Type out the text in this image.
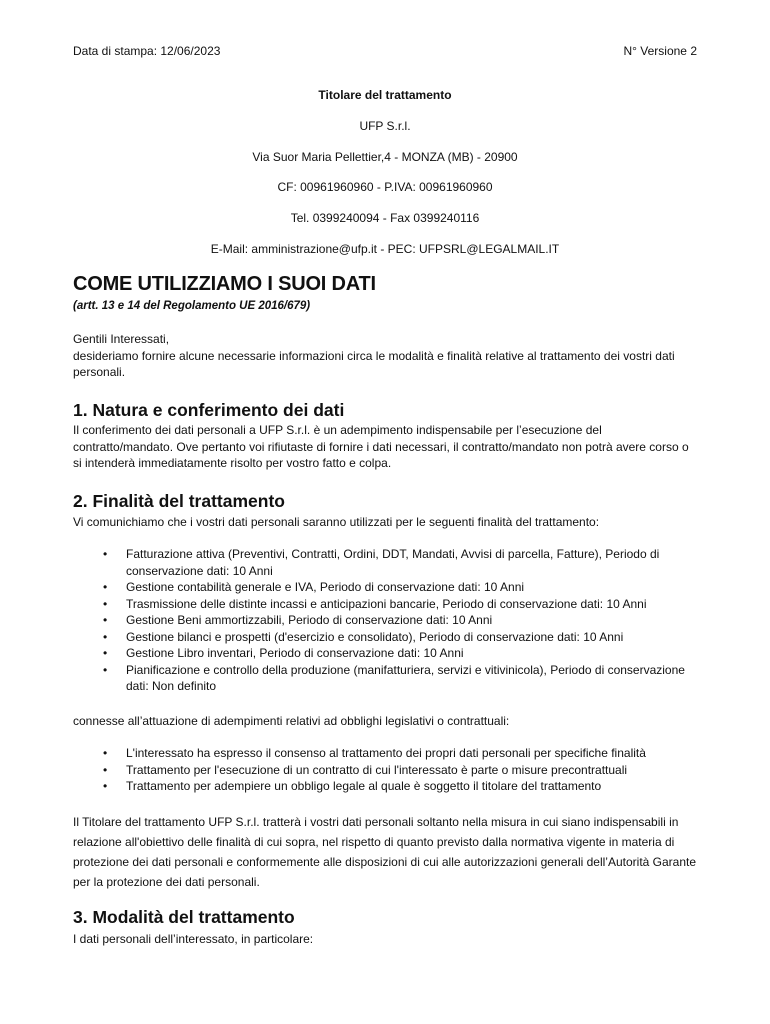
Data di stampa: 12/06/2023	N° Versione 2
Titolare del trattamento
UFP S.r.l.
Via Suor Maria Pellettier,4 - MONZA (MB) - 20900
CF: 00961960960 - P.IVA: 00961960960
Tel. 0399240094 - Fax 0399240116
E-Mail: amministrazione@ufp.it - PEC: UFPSRL@LEGALMAIL.IT
COME UTILIZZIAMO I SUOI DATI
(artt. 13 e 14 del Regolamento UE 2016/679)
Gentili Interessati,
desideriamo fornire alcune necessarie informazioni circa le modalità e finalità relative al trattamento dei vostri dati personali.
1. Natura e conferimento dei dati
Il conferimento dei dati personali a UFP S.r.l. è un adempimento indispensabile per l’esecuzione del contratto/mandato. Ove pertanto voi rifiutaste di fornire i dati necessari, il contratto/mandato non potrà avere corso o si intenderà immediatamente risolto per vostro fatto e colpa.
2. Finalità del trattamento
Vi comunichiamo che i vostri dati personali saranno utilizzati per le seguenti finalità del trattamento:
• Fatturazione attiva (Preventivi, Contratti, Ordini, DDT, Mandati, Avvisi di parcella, Fatture), Periodo di conservazione dati: 10 Anni
• Gestione contabilità generale e IVA, Periodo di conservazione dati: 10 Anni
• Trasmissione delle distinte incassi e anticipazioni bancarie, Periodo di conservazione dati: 10 Anni
• Gestione Beni ammortizzabili, Periodo di conservazione dati: 10 Anni
• Gestione bilanci e prospetti (d'esercizio e consolidato), Periodo di conservazione dati: 10 Anni
• Gestione Libro inventari, Periodo di conservazione dati: 10 Anni
• Pianificazione e controllo della produzione (manifatturiera, servizi e vitivinicola), Periodo di conservazione dati: Non definito
connesse all’attuazione di adempimenti relativi ad obblighi legislativi o contrattuali:
• L'interessato ha espresso il consenso al trattamento dei propri dati personali per specifiche finalità
• Trattamento per l'esecuzione di un contratto di cui l'interessato è parte o misure precontrattuali
• Trattamento per adempiere un obbligo legale al quale è soggetto il titolare del trattamento
Il Titolare del trattamento UFP S.r.l. tratterà i vostri dati personali soltanto nella misura in cui siano indispensabili in relazione all'obiettivo delle finalità di cui sopra, nel rispetto di quanto previsto dalla normativa vigente in materia di protezione dei dati personali e conformemente alle disposizioni di cui alle autorizzazioni generali dell’Autorità Garante per la protezione dei dati personali.
3. Modalità del trattamento
I dati personali dell’interessato, in particolare:
